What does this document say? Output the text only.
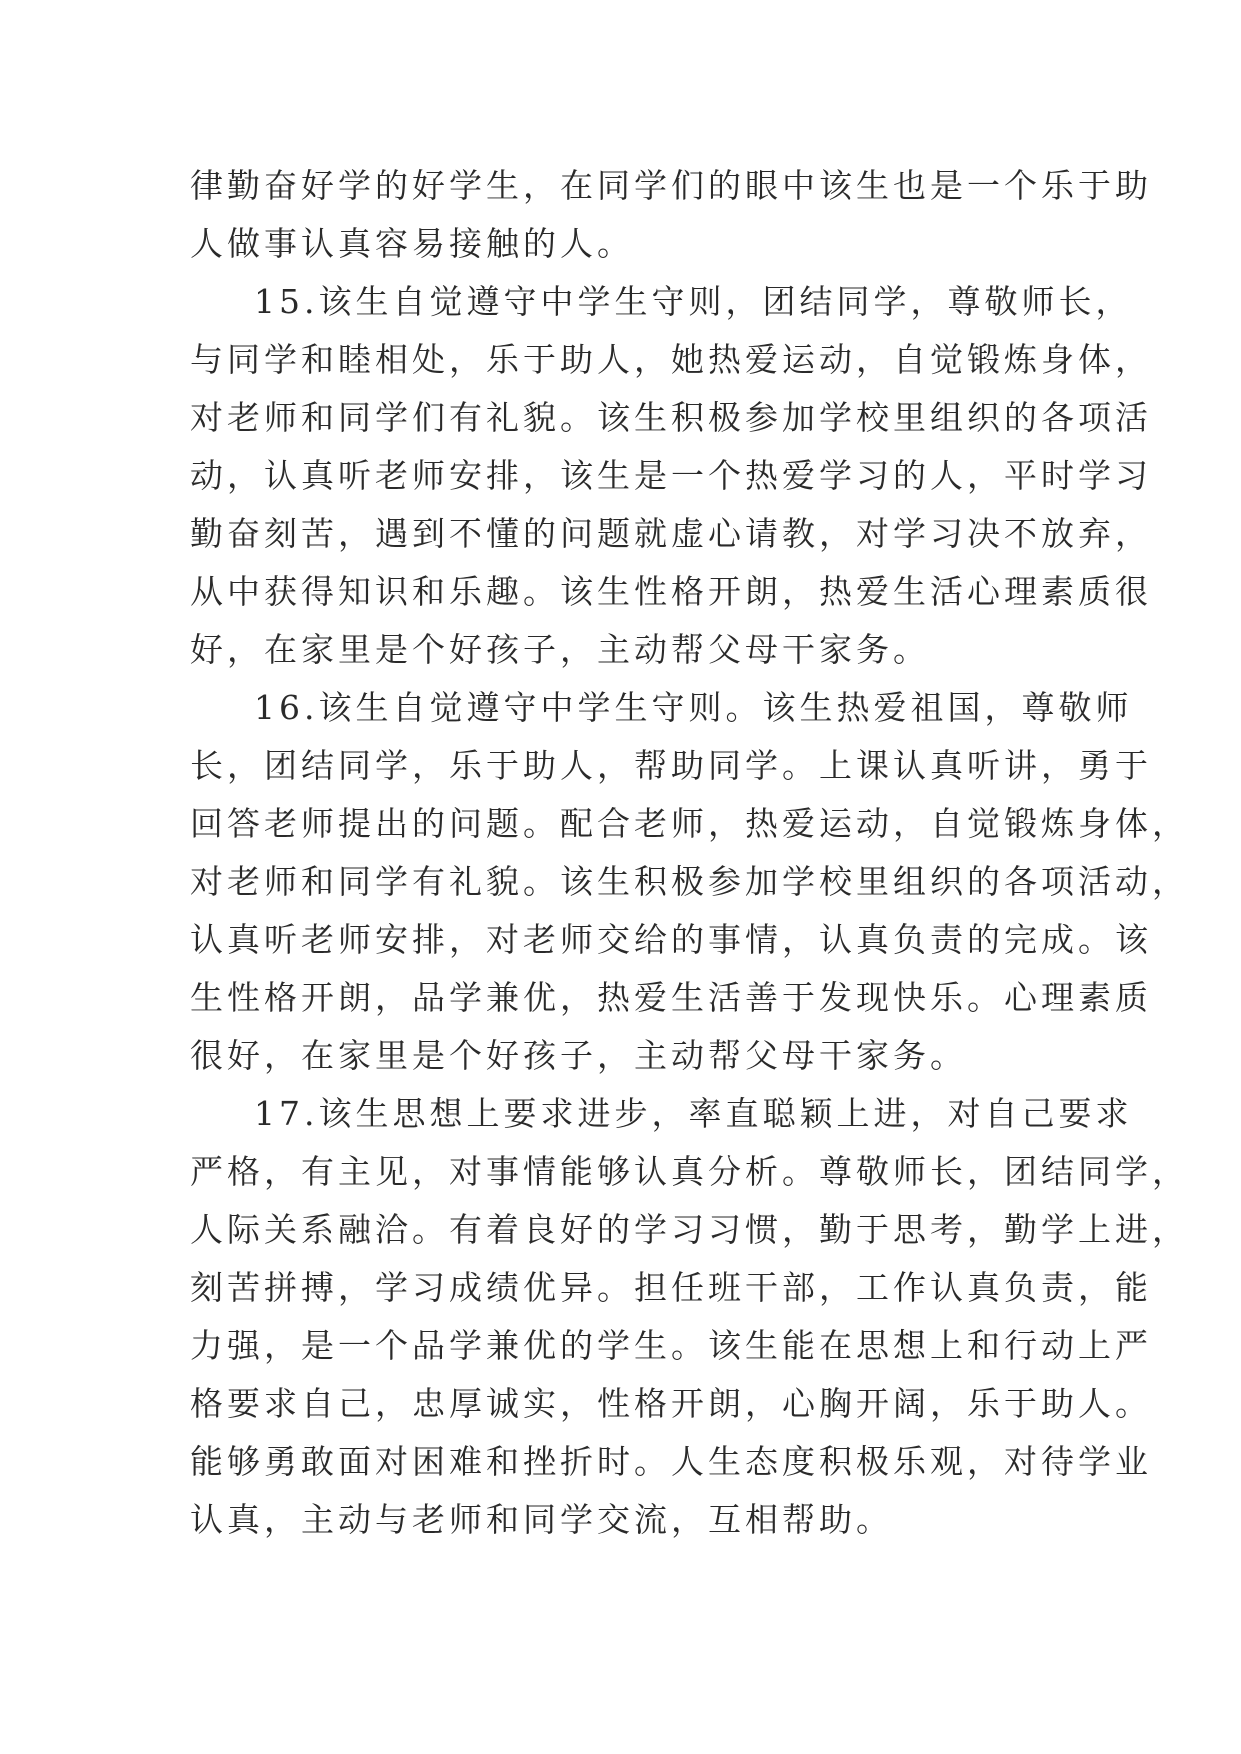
律勤奋好学的好学生，在同学们的眼中该生也是一个乐于助
人做事认真容易接触的人。
15.该生自觉遵守中学生守则，团结同学，尊敬师长，
与同学和睦相处，乐于助人，她热爱运动，自觉锻炼身体，
对老师和同学们有礼貌。该生积极参加学校里组织的各项活
动，认真听老师安排，该生是一个热爱学习的人，平时学习
勤奋刻苦，遇到不懂的问题就虚心请教，对学习决不放弃，
从中获得知识和乐趣。该生性格开朗，热爱生活心理素质很
好，在家里是个好孩子，主动帮父母干家务。
16.该生自觉遵守中学生守则。该生热爱祖国，尊敬师
长，团结同学，乐于助人，帮助同学。上课认真听讲，勇于
回答老师提出的问题。配合老师，热爱运动，自觉锻炼身体，
对老师和同学有礼貌。该生积极参加学校里组织的各项活动，
认真听老师安排，对老师交给的事情，认真负责的完成。该
生性格开朗，品学兼优，热爱生活善于发现快乐。心理素质
很好，在家里是个好孩子，主动帮父母干家务。
17.该生思想上要求进步，率直聪颖上进，对自己要求
严格，有主见，对事情能够认真分析。尊敬师长，团结同学，
人际关系融洽。有着良好的学习习惯，勤于思考，勤学上进，
刻苦拼搏，学习成绩优异。担任班干部，工作认真负责，能
力强，是一个品学兼优的学生。该生能在思想上和行动上严
格要求自己，忠厚诚实，性格开朗，心胸开阔，乐于助人。
能够勇敢面对困难和挫折时。人生态度积极乐观，对待学业
认真，主动与老师和同学交流，互相帮助。
